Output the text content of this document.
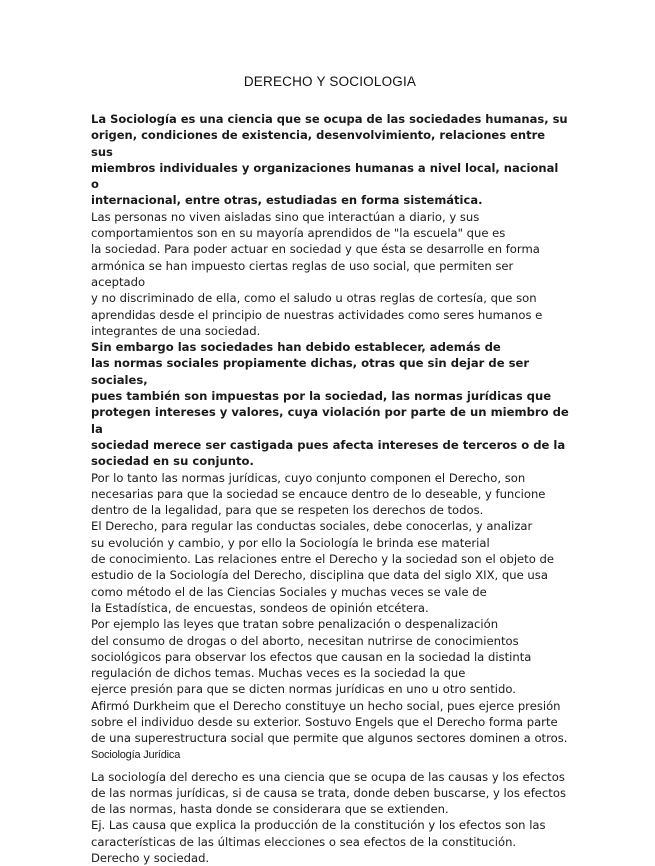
DERECHO Y SOCIOLOGIA

La Sociología es una ciencia que se ocupa de las sociedades humanas, su
origen, condiciones de existencia, desenvolvimiento, relaciones entre sus
miembros individuales y organizaciones humanas a nivel local, nacional o
internacional, entre otras, estudiadas en forma sistemática.

Las personas no viven aisladas sino que interactúan a diario, y sus
comportamientos son en su mayoría aprendidos de "la escuela" que es
la sociedad. Para poder actuar en sociedad y que ésta se desarrolle en forma
armónica se han impuesto ciertas reglas de uso social, que permiten ser aceptado
y no discriminado de ella, como el saludo u otras reglas de cortesía, que son
aprendidas desde el principio de nuestras actividades como seres humanos e
integrantes de una sociedad.

Sin embargo las sociedades han debido establecer, además de
las normas sociales propiamente dichas, otras que sin dejar de ser sociales,
pues también son impuestas por la sociedad, las normas jurídicas que
protegen intereses y valores, cuya violación por parte de un miembro de la
sociedad merece ser castigada pues afecta intereses de terceros o de la
sociedad en su conjunto.

Por lo tanto las normas jurídicas, cuyo conjunto componen el Derecho, son
necesarias para que la sociedad se encauce dentro de lo deseable, y funcione
dentro de la legalidad, para que se respeten los derechos de todos.

El Derecho, para regular las conductas sociales, debe conocerlas, y analizar
su evolución y cambio, y por ello la Sociología le brinda ese material
de conocimiento. Las relaciones entre el Derecho y la sociedad son el objeto de
estudio de la Sociología del Derecho, disciplina que data del siglo XIX, que usa
como método el de las Ciencias Sociales y muchas veces se vale de
la Estadística, de encuestas, sondeos de opinión etcétera.

Por ejemplo las leyes que tratan sobre penalización o despenalización
del consumo de drogas o del aborto, necesitan nutrirse de conocimientos
sociológicos para observar los efectos que causan en la sociedad la distinta
regulación de dichos temas. Muchas veces es la sociedad la que
ejerce presión para que se dicten normas jurídicas en uno u otro sentido.

Afirmó Durkheim que el Derecho constituye un hecho social, pues ejerce presión
sobre el individuo desde su exterior. Sostuvo Engels que el Derecho forma parte
de una superestructura social que permite que algunos sectores dominen a otros.

Sociología Jurídica

La sociología del derecho es una ciencia que se ocupa de las causas y los efectos
de las normas jurídicas, si de causa se trata, donde deben buscarse, y los efectos
de las normas, hasta donde se considerara que se extienden.

Ej. Las causa que explica la producción de la constitución y los efectos son las
características de las últimas elecciones o sea efectos de la constitución.

Derecho y sociedad.
